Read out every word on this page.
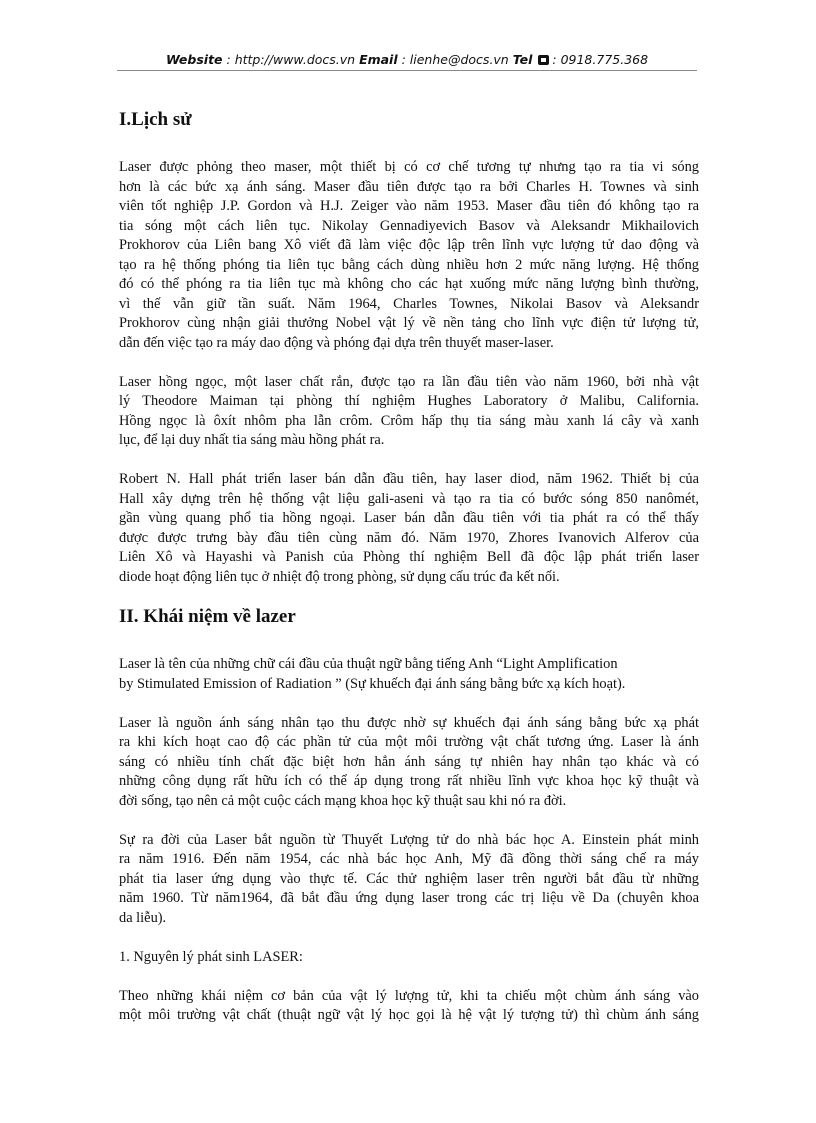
Website : http://www.docs.vn Email : lienhe@docs.vn Tel : 0918.775.368
I.Lịch sử
Laser được phỏng theo maser, một thiết bị có cơ chế tương tự nhưng tạo ra tia vi sóng
hơn là các bức xạ ánh sáng. Maser đầu tiên được tạo ra bởi Charles H. Townes và sinh
viên tốt nghiệp J.P. Gordon và H.J. Zeiger vào năm 1953. Maser đầu tiên đó không tạo ra
tia sóng một cách liên tục. Nikolay Gennadiyevich Basov và Aleksandr Mikhailovich
Prokhorov của Liên bang Xô viết đã làm việc độc lập trên lĩnh vực lượng tử dao động và
tạo ra hệ thống phóng tia liên tục bằng cách dùng nhiều hơn 2 mức năng lượng. Hệ thống
đó có thể phóng ra tia liên tục mà không cho các hạt xuống mức năng lượng bình thường,
vì thế vẫn giữ tần suất. Năm 1964, Charles Townes, Nikolai Basov và Aleksandr
Prokhorov cùng nhận giải thưởng Nobel vật lý về nền tảng cho lĩnh vực điện tử lượng tử,
dẫn đến việc tạo ra máy dao động và phóng đại dựa trên thuyết maser-laser.
Laser hồng ngọc, một laser chất rắn, được tạo ra lần đầu tiên vào năm 1960, bởi nhà vật
lý Theodore Maiman tại phòng thí nghiệm Hughes Laboratory ở Malibu, California.
Hồng ngọc là ôxít nhôm pha lẫn crôm. Crôm hấp thụ tia sáng màu xanh lá cây và xanh
lục, để lại duy nhất tia sáng màu hồng phát ra.
Robert N. Hall phát triển laser bán dẫn đầu tiên, hay laser diod, năm 1962. Thiết bị của
Hall xây dựng trên hệ thống vật liệu gali-aseni và tạo ra tia có bước sóng 850 nanômét,
gần vùng quang phổ tia hồng ngoại. Laser bán dẫn đầu tiên với tia phát ra có thể thấy
được được trưng bày đầu tiên cùng năm đó. Năm 1970, Zhores Ivanovich Alferov của
Liên Xô và Hayashi và Panish của Phòng thí nghiệm Bell đã độc lập phát triển laser
diode hoạt động liên tục ở nhiệt độ trong phòng, sử dụng cấu trúc đa kết nối.
II. Khái niệm về lazer
Laser là tên của những chữ cái đầu của thuật ngữ bằng tiếng Anh “Light Amplification
by Stimulated Emission of Radiation ” (Sự khuếch đại ánh sáng bằng bức xạ kích hoạt).
Laser là nguồn ánh sáng nhân tạo thu được nhờ sự khuếch đại ánh sáng bằng bức xạ phát
ra khi kích hoạt cao độ các phần tử của một môi trường vật chất tương ứng. Laser là ánh
sáng có nhiều tính chất đặc biệt hơn hẳn ánh sáng tự nhiên hay nhân tạo khác và có
những công dụng rất hữu ích có thể áp dụng trong rất nhiều lĩnh vực khoa học kỹ thuật và
đời sống, tạo nên cả một cuộc cách mạng khoa học kỹ thuật sau khi nó ra đời.
Sự ra đời của Laser bắt nguồn từ Thuyết Lượng tử do nhà bác học A. Einstein phát minh
ra năm 1916. Đến năm 1954, các nhà bác học Anh, Mỹ đã đồng thời sáng chế ra máy
phát tia laser ứng dụng vào thực tế. Các thử nghiệm laser trên người bắt đầu từ những
năm 1960. Từ năm1964, đã bắt đầu ứng dụng laser trong các trị liệu về Da (chuyên khoa
da liễu).
1. Nguyên lý phát sinh LASER:
Theo những khái niệm cơ bản của vật lý lượng tử, khi ta chiếu một chùm ánh sáng vào
một môi trường vật chất (thuật ngữ vật lý học gọi là hệ vật lý tượng tử) thì chùm ánh sáng
